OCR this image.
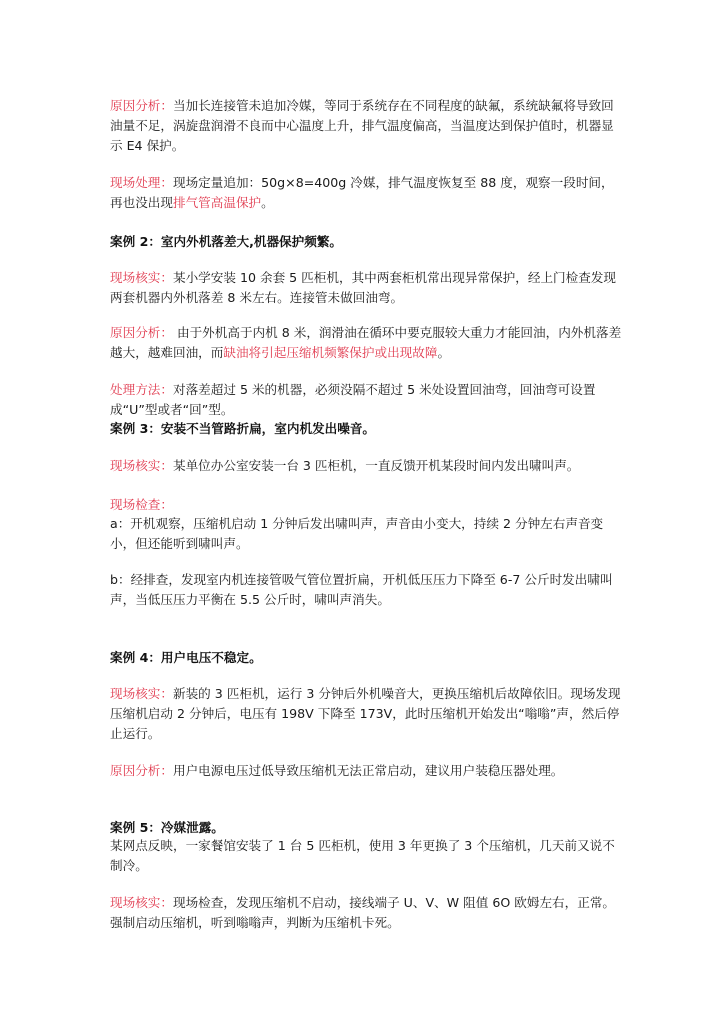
原因分析：当加长连接管未追加冷媒，等同于系统存在不同程度的缺氟，系统缺氟将导致回油量不足，涡旋盘润滑不良而中心温度上升，排气温度偏高，当温度达到保护值时，机器显示 E4 保护。

现场处理：现场定量追加：50g×8=400g 冷媒，排气温度恢复至 88 度，观察一段时间，再也没出现排气管高温保护。

案例 2：室内外机落差大,机器保护频繁。

现场核实：某小学安装 10 余套 5 匹柜机，其中两套柜机常出现异常保护，经上门检查发现两套机器内外机落差 8 米左右。连接管未做回油弯。

原因分析： 由于外机高于内机 8 米，润滑油在循环中要克服较大重力才能回油，内外机落差越大，越难回油，而缺油将引起压缩机频繁保护或出现故障。

处理方法：对落差超过 5 米的机器，必须没隔不超过 5 米处设置回油弯，回油弯可设置成“U”型或者“回”型。

案例 3：安装不当管路折扁，室内机发出噪音。

现场核实：某单位办公室安装一台 3 匹柜机，一直反馈开机某段时间内发出啸叫声。

现场检查：

a：开机观察，压缩机启动 1 分钟后发出啸叫声，声音由小变大，持续 2 分钟左右声音变小，但还能听到啸叫声。

b：经排查，发现室内机连接管吸气管位置折扁，开机低压压力下降至 6-7 公斤时发出啸叫声，当低压压力平衡在 5.5 公斤时，啸叫声消失。

案例 4：用户电压不稳定。

现场核实：新装的 3 匹柜机，运行 3 分钟后外机噪音大，更换压缩机后故障依旧。现场发现压缩机启动 2 分钟后，电压有 198V 下降至 173V，此时压缩机开始发出“嗡嗡”声，然后停止运行。

原因分析：用户电源电压过低导致压缩机无法正常启动，建议用户装稳压器处理。

案例 5：冷媒泄露。

某网点反映，一家餐馆安装了 1 台 5 匹柜机，使用 3 年更换了 3 个压缩机，几天前又说不制冷。

现场核实：现场检查，发现压缩机不启动，接线端子 U、V、W 阻值 6O 欧姆左右，正常。强制启动压缩机，听到嗡嗡声，判断为压缩机卡死。
